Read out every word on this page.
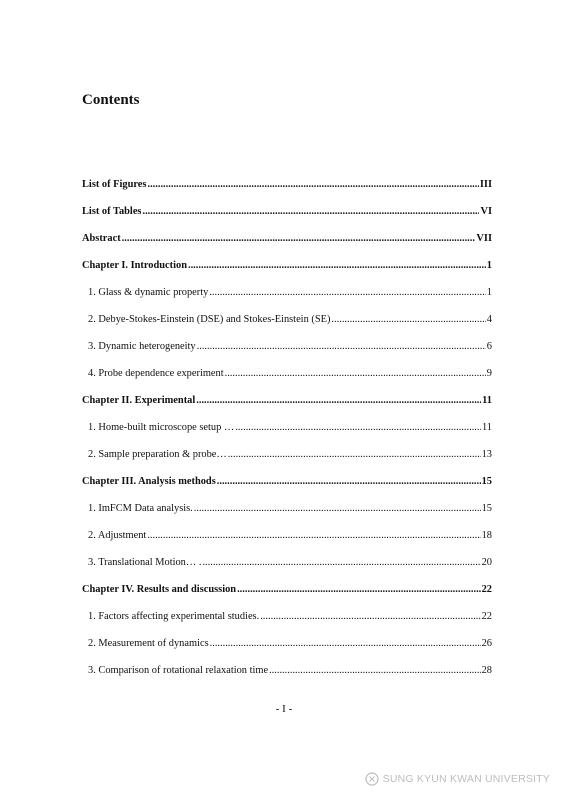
Contents
List of Figures .....	III
List of Tables .....	VI
Abstract .....	VII
Chapter I. Introduction .....	1
1. Glass & dynamic property .....	1
2. Debye-Stokes-Einstein (DSE) and Stokes-Einstein (SE) .....	4
3. Dynamic heterogeneity .....	6
4. Probe dependence experiment .....	9
Chapter II. Experimental .....	11
1. Home-built microscope setup … .....	11
2. Sample preparation & probe… .....	13
Chapter III. Analysis methods .....	15
1. ImFCM Data analysis. .....	15
2. Adjustment .....	18
3. Translational Motion… . .....	20
Chapter IV. Results and discussion .....	22
1. Factors affecting experimental studies. .....	22
2. Measurement of dynamics .....	26
3. Comparison of rotational relaxation time .....	28
- I -
SUNG KYUN KWAN UNIVERSITY
